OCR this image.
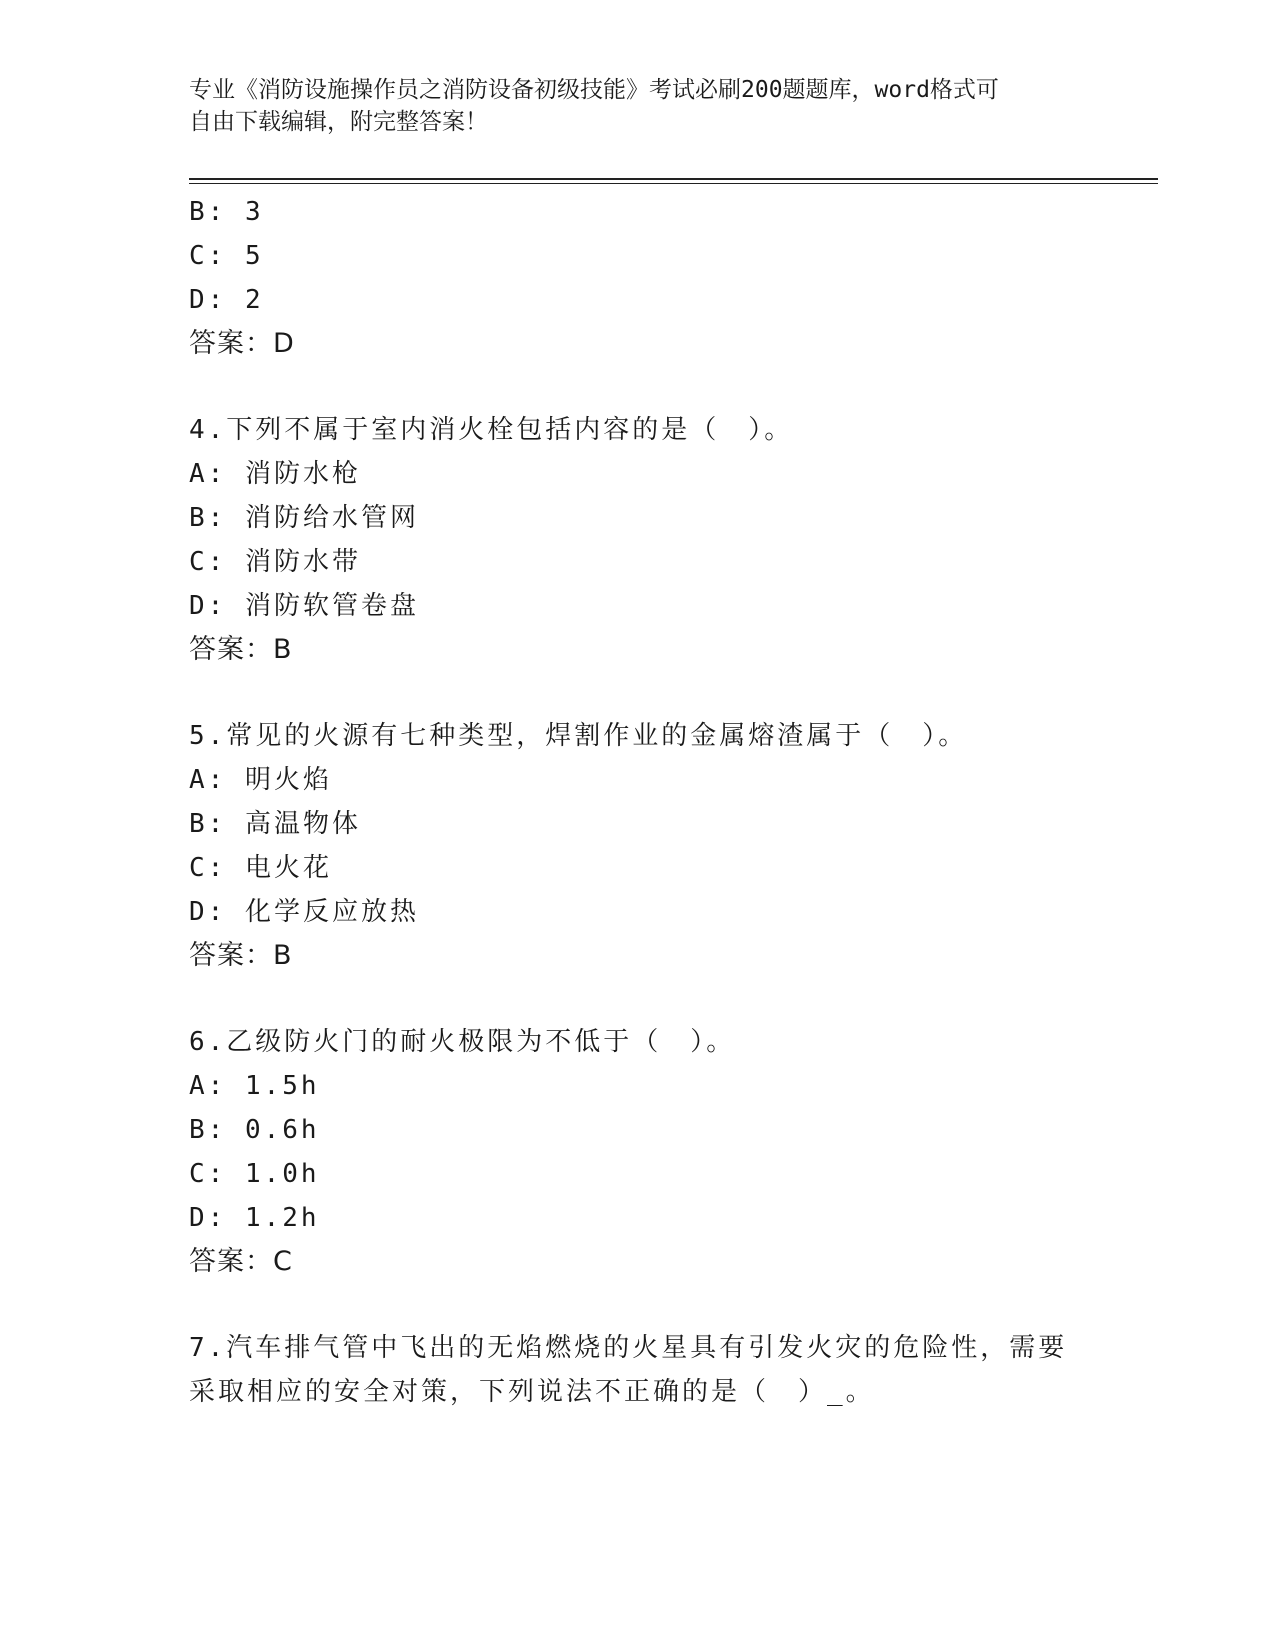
专业《消防设施操作员之消防设备初级技能》考试必刷200题题库，word格式可
自由下载编辑，附完整答案！
B: 3
C: 5
D: 2
答案：D
4.下列不属于室内消火栓包括内容的是（　）。
A: 消防水枪
B: 消防给水管网
C: 消防水带
D: 消防软管卷盘
答案：B
5.常见的火源有七种类型，焊割作业的金属熔渣属于（　）。
A: 明火焰
B: 高温物体
C: 电火花
D: 化学反应放热
答案：B
6.乙级防火门的耐火极限为不低于（　）。
A: 1.5h
B: 0.6h
C: 1.0h
D: 1.2h
答案：C
7.汽车排气管中飞出的无焰燃烧的火星具有引发火灾的危险性，需要
采取相应的安全对策，下列说法不正确的是（　）_。
